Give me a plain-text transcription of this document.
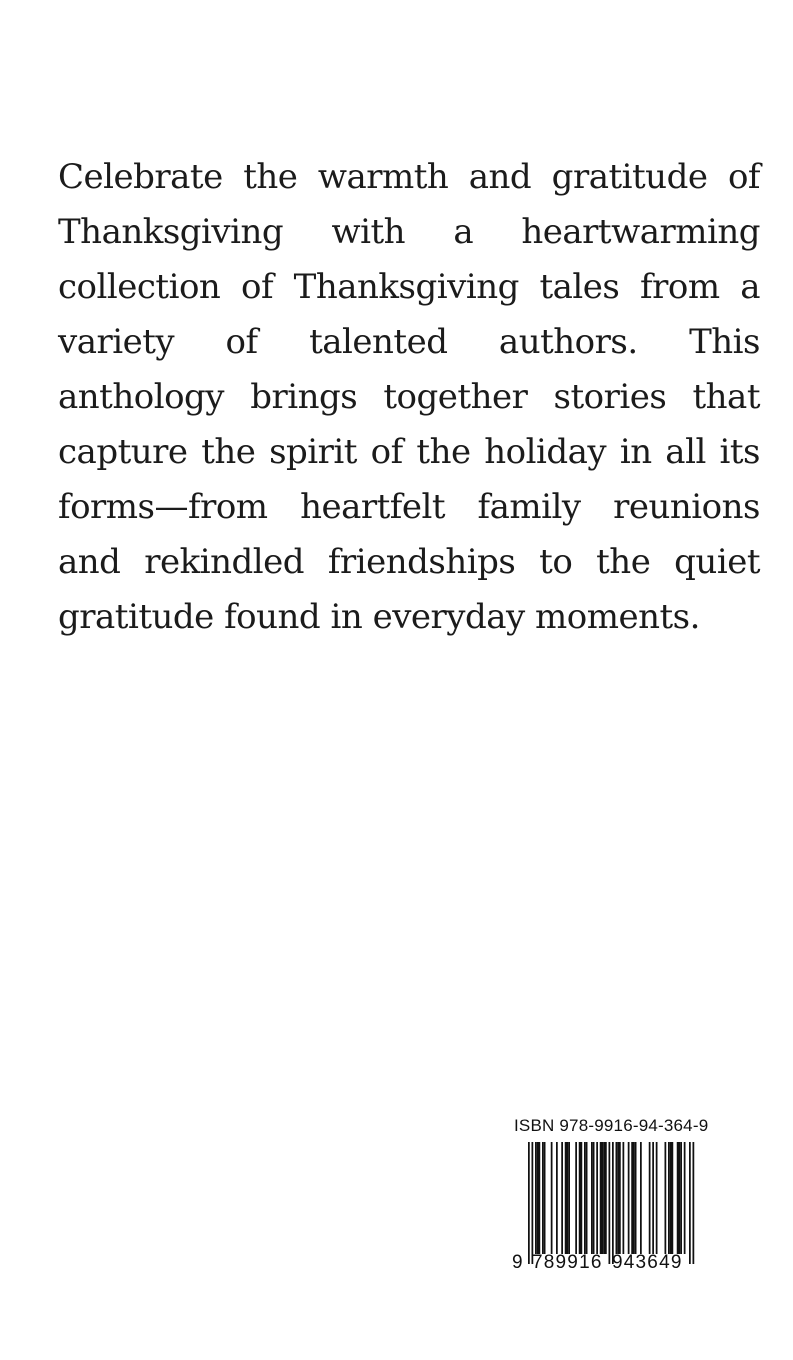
Celebrate the warmth and gratitude of Thanksgiving with a heartwarming collection of Thanksgiving tales from a variety of talented authors. This anthology brings together stories that capture the spirit of the holiday in all its forms—from heartfelt family reunions and rekindled friendships to the quiet gratitude found in everyday moments.

ISBN 978-9916-94-364-9
9 789916 943649
